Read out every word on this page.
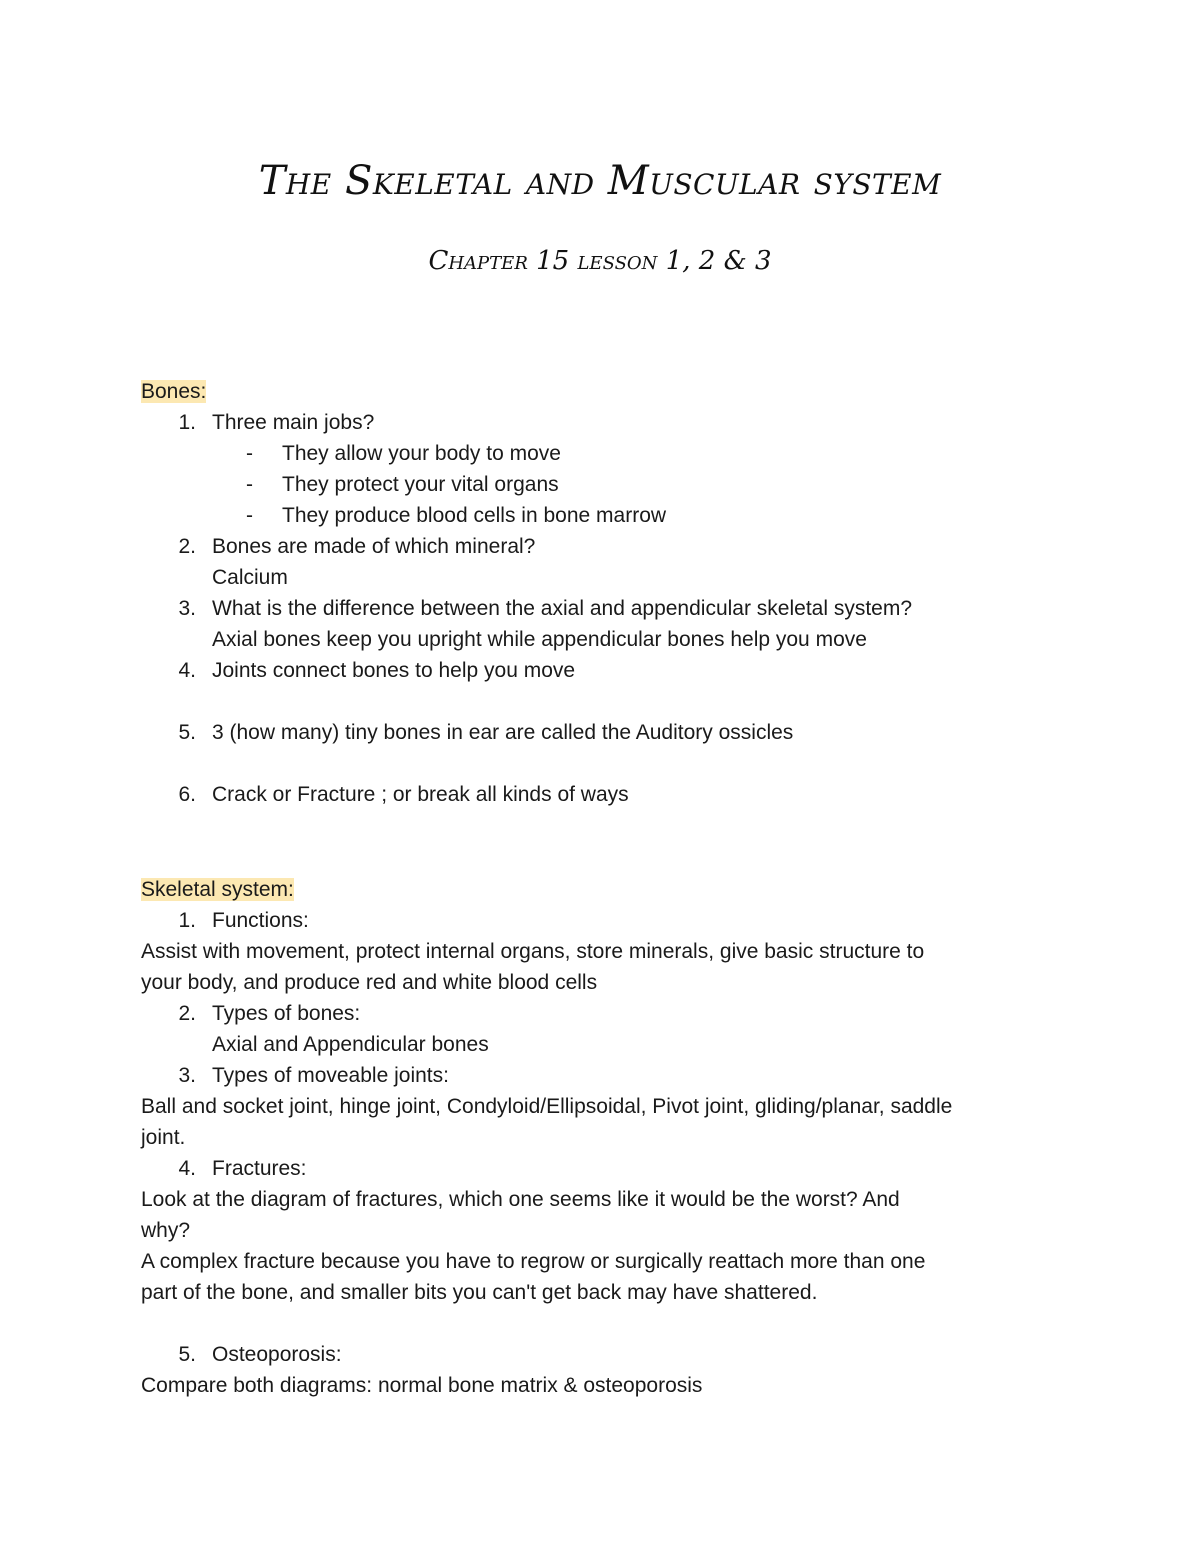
The Skeletal and Muscular system
Chapter 15 lesson 1, 2 & 3
Bones:
1. Three main jobs?
- They allow your body to move
- They protect your vital organs
- They produce blood cells in bone marrow
2. Bones are made of which mineral?
Calcium
3. What is the difference between the axial and appendicular skeletal system?
Axial bones keep you upright while appendicular bones help you move
4. Joints connect bones to help you move
5. 3 (how many) tiny bones in ear are called the Auditory ossicles
6. Crack or Fracture ; or break all kinds of ways
Skeletal system:
1. Functions:
Assist with movement, protect internal organs, store minerals, give basic structure to
your body, and produce red and white blood cells
2. Types of bones:
Axial and Appendicular bones
3. Types of moveable joints:
Ball and socket joint, hinge joint, Condyloid/Ellipsoidal, Pivot joint, gliding/planar, saddle
joint.
4. Fractures:
Look at the diagram of fractures, which one seems like it would be the worst? And
why?
A complex fracture because you have to regrow or surgically reattach more than one
part of the bone, and smaller bits you can't get back may have shattered.
5. Osteoporosis:
Compare both diagrams: normal bone matrix & osteoporosis
